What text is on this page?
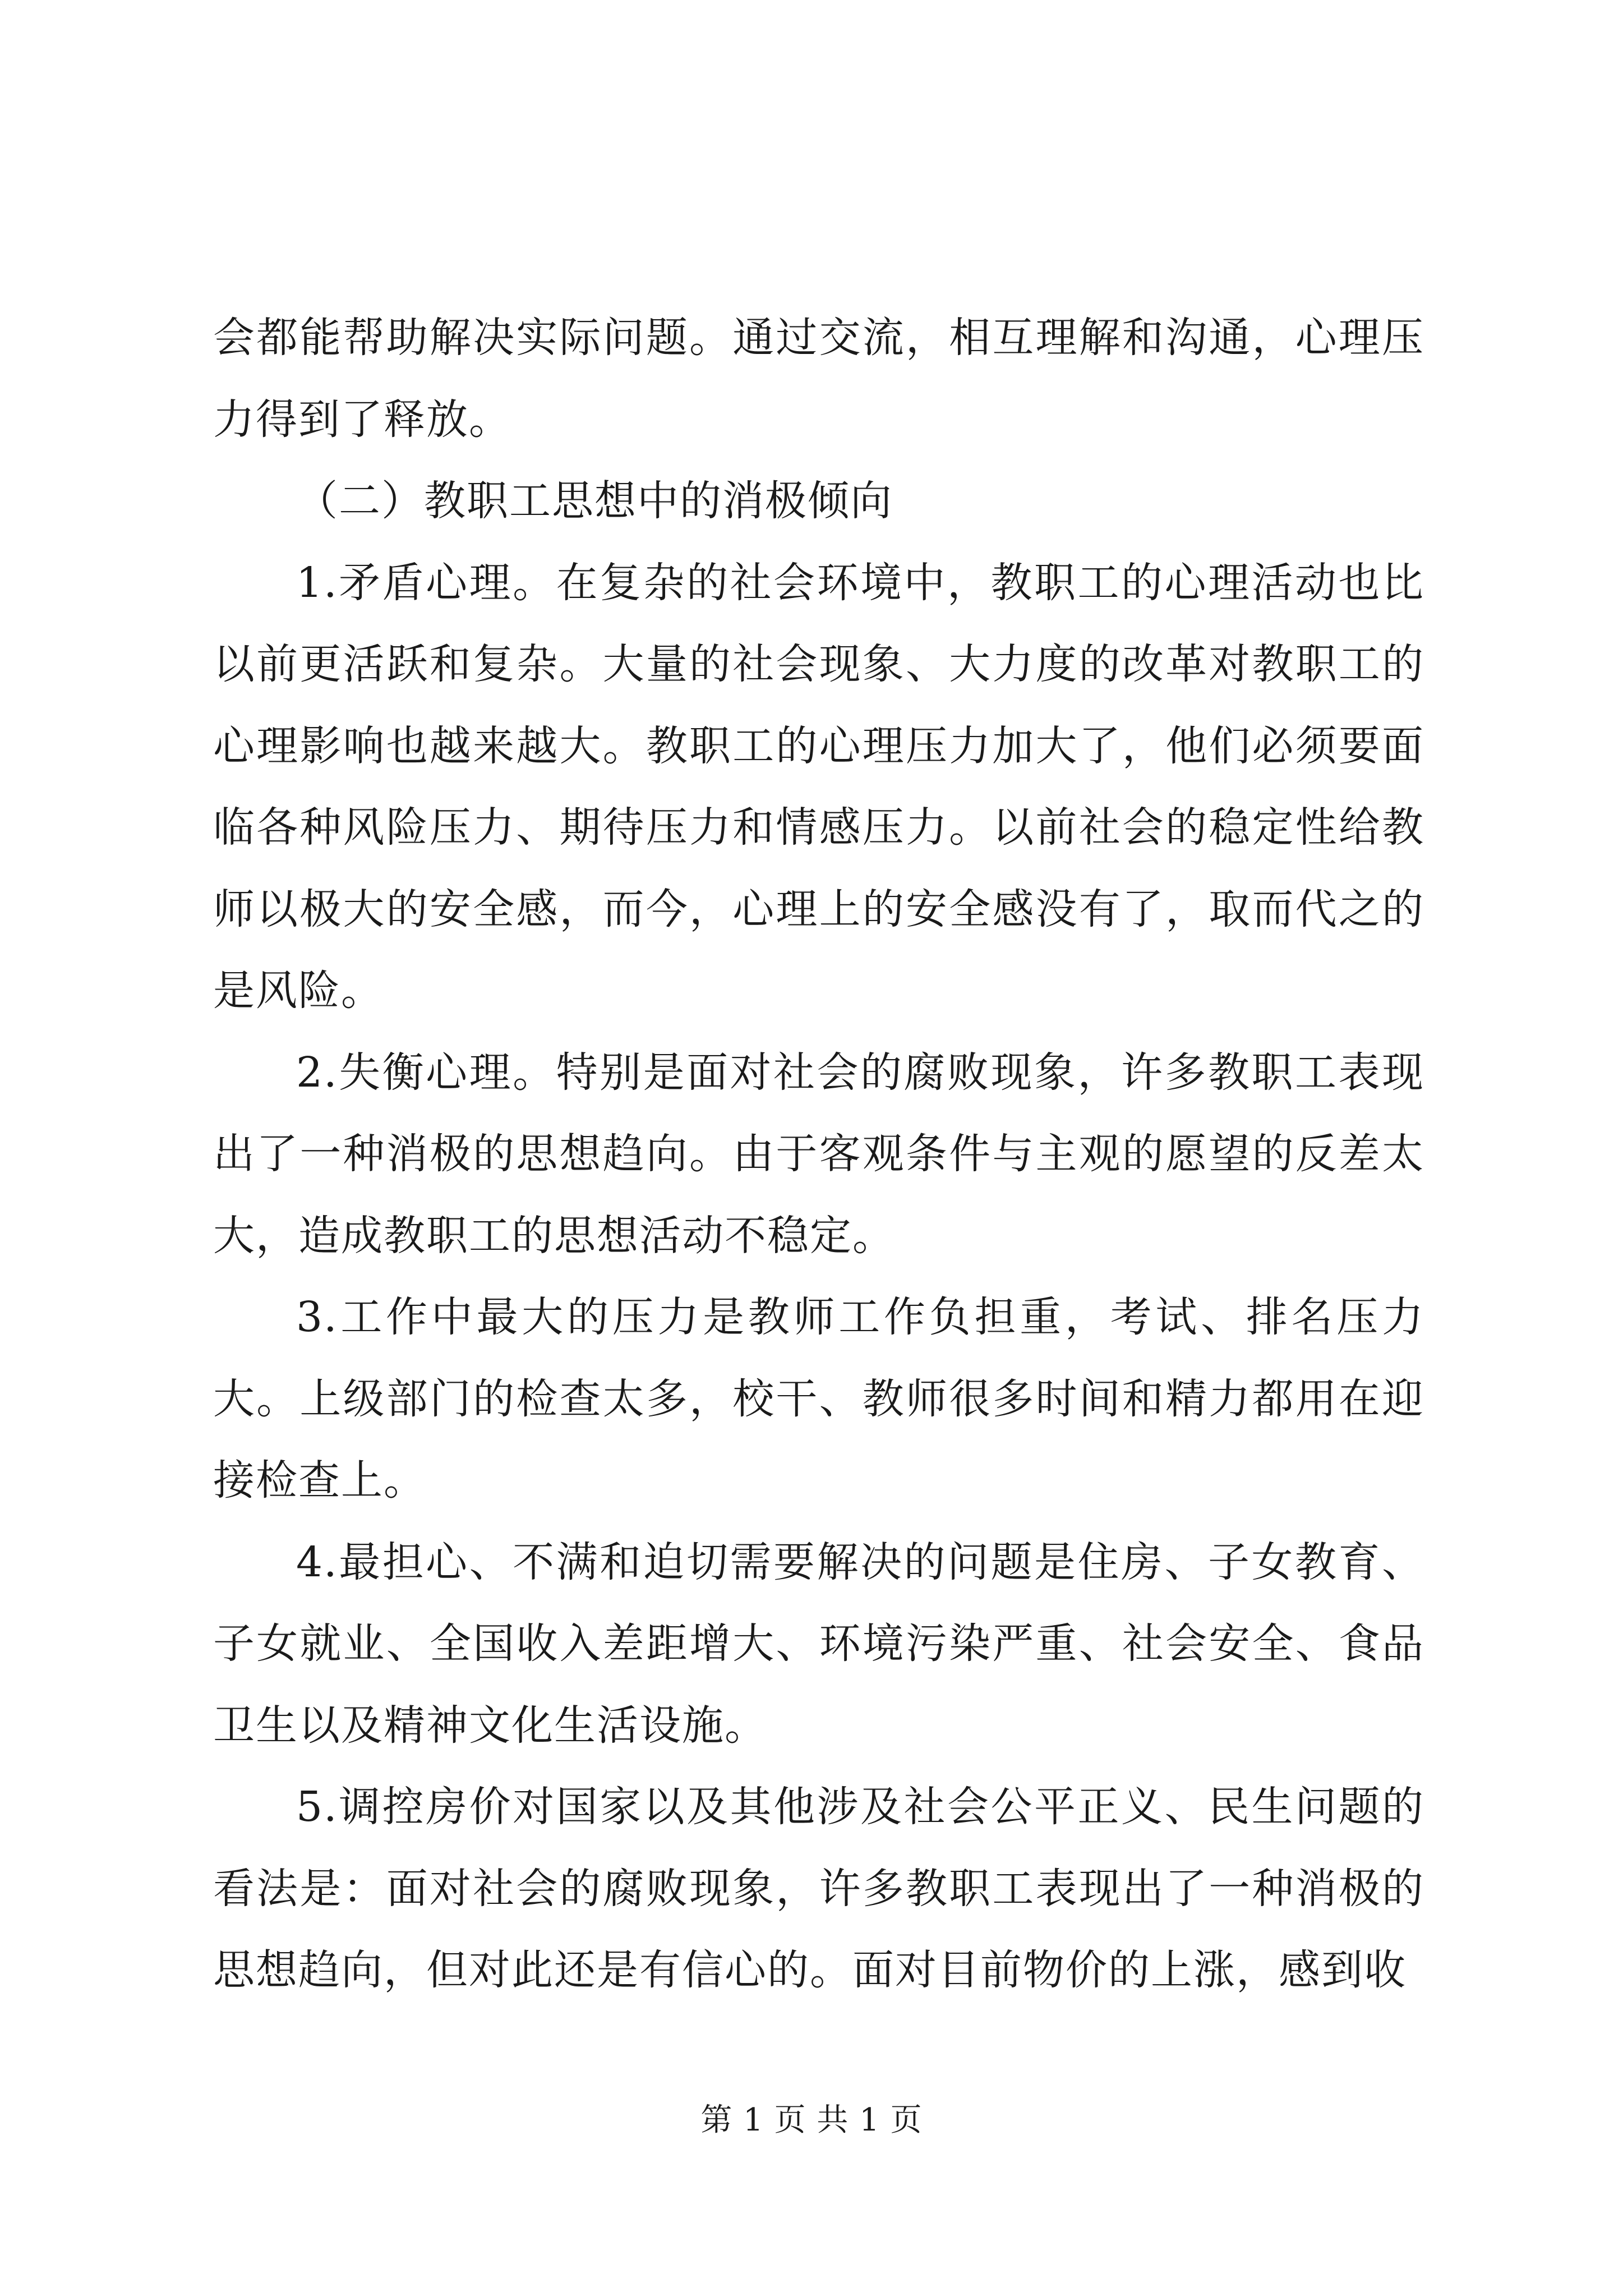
会都能帮助解决实际问题。通过交流，相互理解和沟通，心理压力得到了释放。

（二）教职工思想中的消极倾向

1.矛盾心理。在复杂的社会环境中，教职工的心理活动也比以前更活跃和复杂。大量的社会现象、大力度的改革对教职工的心理影响也越来越大。教职工的心理压力加大了，他们必须要面临各种风险压力、期待压力和情感压力。以前社会的稳定性给教师以极大的安全感，而今，心理上的安全感没有了，取而代之的是风险。

2.失衡心理。特别是面对社会的腐败现象，许多教职工表现出了一种消极的思想趋向。由于客观条件与主观的愿望的反差太大，造成教职工的思想活动不稳定。

3.工作中最大的压力是教师工作负担重，考试、排名压力大。上级部门的检查太多，校干、教师很多时间和精力都用在迎接检查上。

4.最担心、不满和迫切需要解决的问题是住房、子女教育、子女就业、全国收入差距增大、环境污染严重、社会安全、食品卫生以及精神文化生活设施。

5.调控房价对国家以及其他涉及社会公平正义、民生问题的看法是：面对社会的腐败现象，许多教职工表现出了一种消极的思想趋向，但对此还是有信心的。面对目前物价的上涨，感到收

第 1 页 共 1 页
